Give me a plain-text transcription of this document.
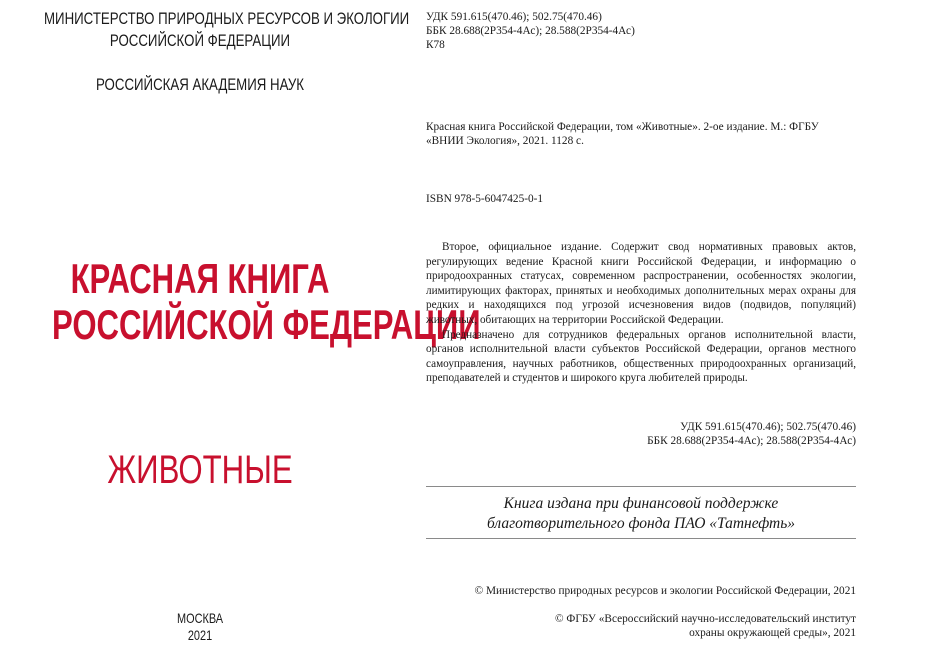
МИНИСТЕРСТВО ПРИРОДНЫХ РЕСУРСОВ И ЭКОЛОГИИ
РОССИЙСКОЙ ФЕДЕРАЦИИ
РОССИЙСКАЯ АКАДЕМИЯ НАУК
КРАСНАЯ КНИГА
РОССИЙСКОЙ ФЕДЕРАЦИИ
ЖИВОТНЫЕ
МОСКВА
2021
УДК 591.615(470.46); 502.75(470.46)
ББК 28.688(2Р354-4Ас); 28.588(2Р354-4Ас)
К78
Красная книга Российской Федерации, том «Животные». 2-ое издание. М.: ФГБУ
«ВНИИ Экология», 2021. 1128 с.
ISBN 978-5-6047425-0-1

Второе, официальное издание. Содержит свод нормативных правовых актов, регулирующих ведение Красной книги Российской Федерации, и информацию о природоохранных статусах, современном распространении, особенностях экологии, лимитирующих факторах, принятых и необходимых дополнительных мерах охраны для редких и находящихся под угрозой исчезновения видов (подвидов, популяций) животных, обитающих на территории Российской Федерации.

Предназначено для сотрудников федеральных органов исполнительной власти, органов исполнительной власти субъектов Российской Федерации, органов местного самоуправления, научных работников, общественных природоохранных организаций, преподавателей и студентов и широкого круга любителей природы.

УДК 591.615(470.46); 502.75(470.46)
ББК 28.688(2Р354-4Ас); 28.588(2Р354-4Ас)
Книга издана при финансовой поддержке
благотворительного фонда ПАО «Татнефть»
© Министерство природных ресурсов и экологии Российской Федерации, 2021
© ФГБУ «Всероссийский научно-исследовательский институт
охраны окружающей среды», 2021
